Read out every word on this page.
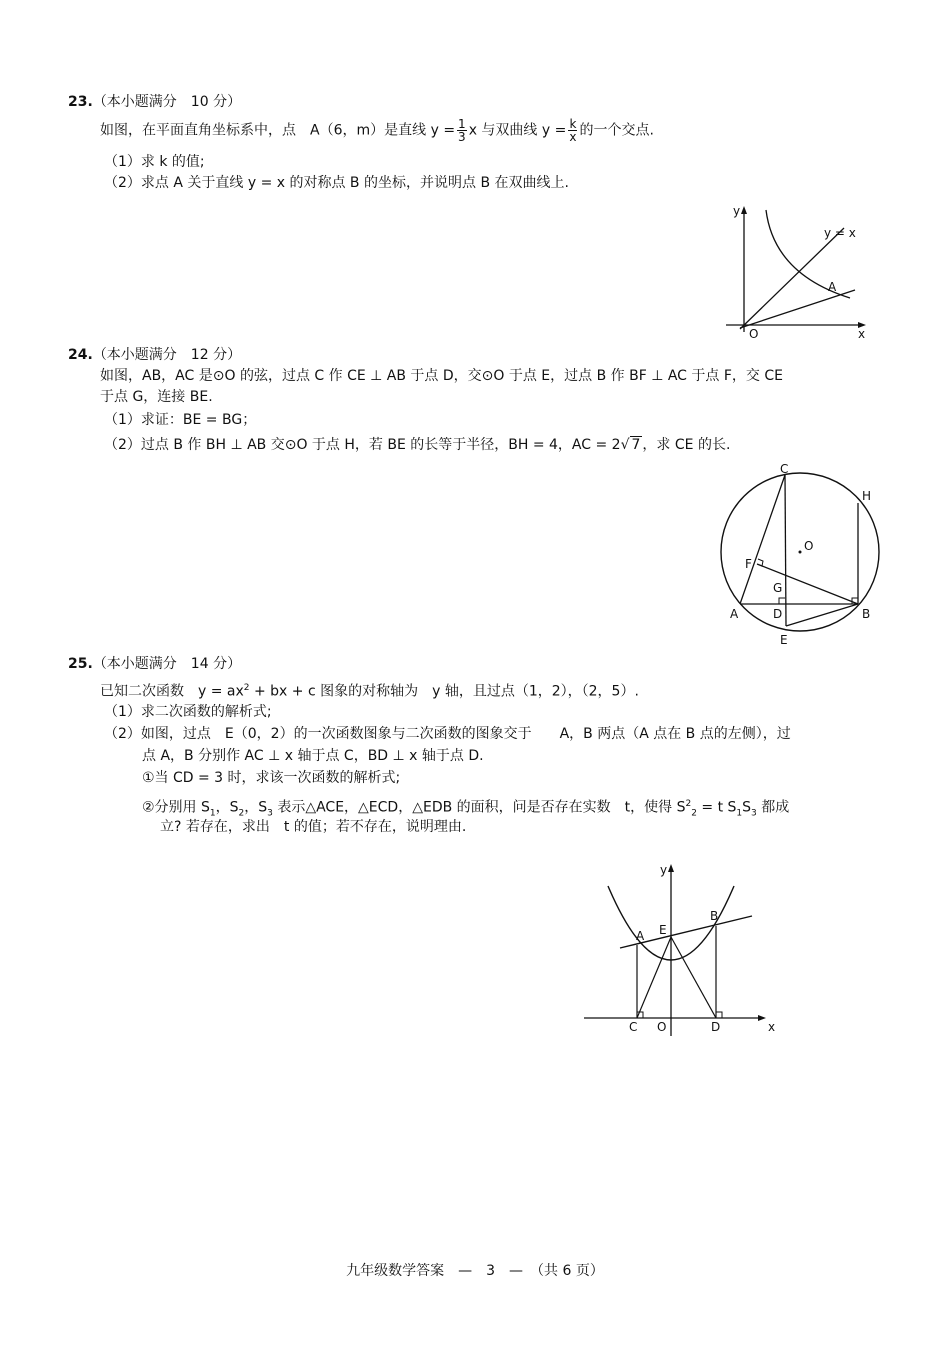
23.（本小题满分　10 分）
如图，在平面直角坐标系中，点　A（6，m）是直线 $y = \frac{1}{3}$ x 与双曲线 $y = \frac{k}{x}$ 的一个交点.
（1）求 k 的值;
（2）求点 A 关于直线 y = x 的对称点 B 的坐标，并说明点 B 在双曲线上.
y
x
O
y = x
A
24.（本小题满分　12 分）
如图，AB，AC 是⊙O 的弦，过点 C 作 CE ⊥ AB 于点 D，交⊙O 于点 E，过点 B 作 BF ⊥ AC 于点 F，交 CE
于点 G，连接 BE.
（1）求证：BE = BG；
（2）过点 B 作 BH ⊥ AB 交⊙O 于点 H，若 BE 的长等于半径，BH = 4，AC = 2√ 7 ，求 CE 的长.
C
H
O
F
G
A	D	B
E
25.（本小题满分　14 分）
已知二次函数　$y = ax^2$ + bx + c 图象的对称轴为　y 轴，且过点（1，2），（2，5）.
（1）求二次函数的解析式;
（2）如图，过点　E（0，2）的一次函数图象与二次函数的图象交于　　A，B 两点（A 点在 B 点的左侧），过
点 A，B 分别作 AC ⊥ x 轴于点 C，BD ⊥ x 轴于点 D.
①当 CD = 3 时，求该一次函数的解析式;
②分别用 $S_1$，$S_2$，$S_3$ 表示△ACE，△ECD，△EDB 的面积，问是否存在实数　t，使得 $S^2_2 = t$ $S_1S_3$ 都成
立? 若存在，求出　t 的值；若不存在，说明理由.
y
x
A E
B
C O	D
九年级数学答案　—　3　—　（共 6 页）
